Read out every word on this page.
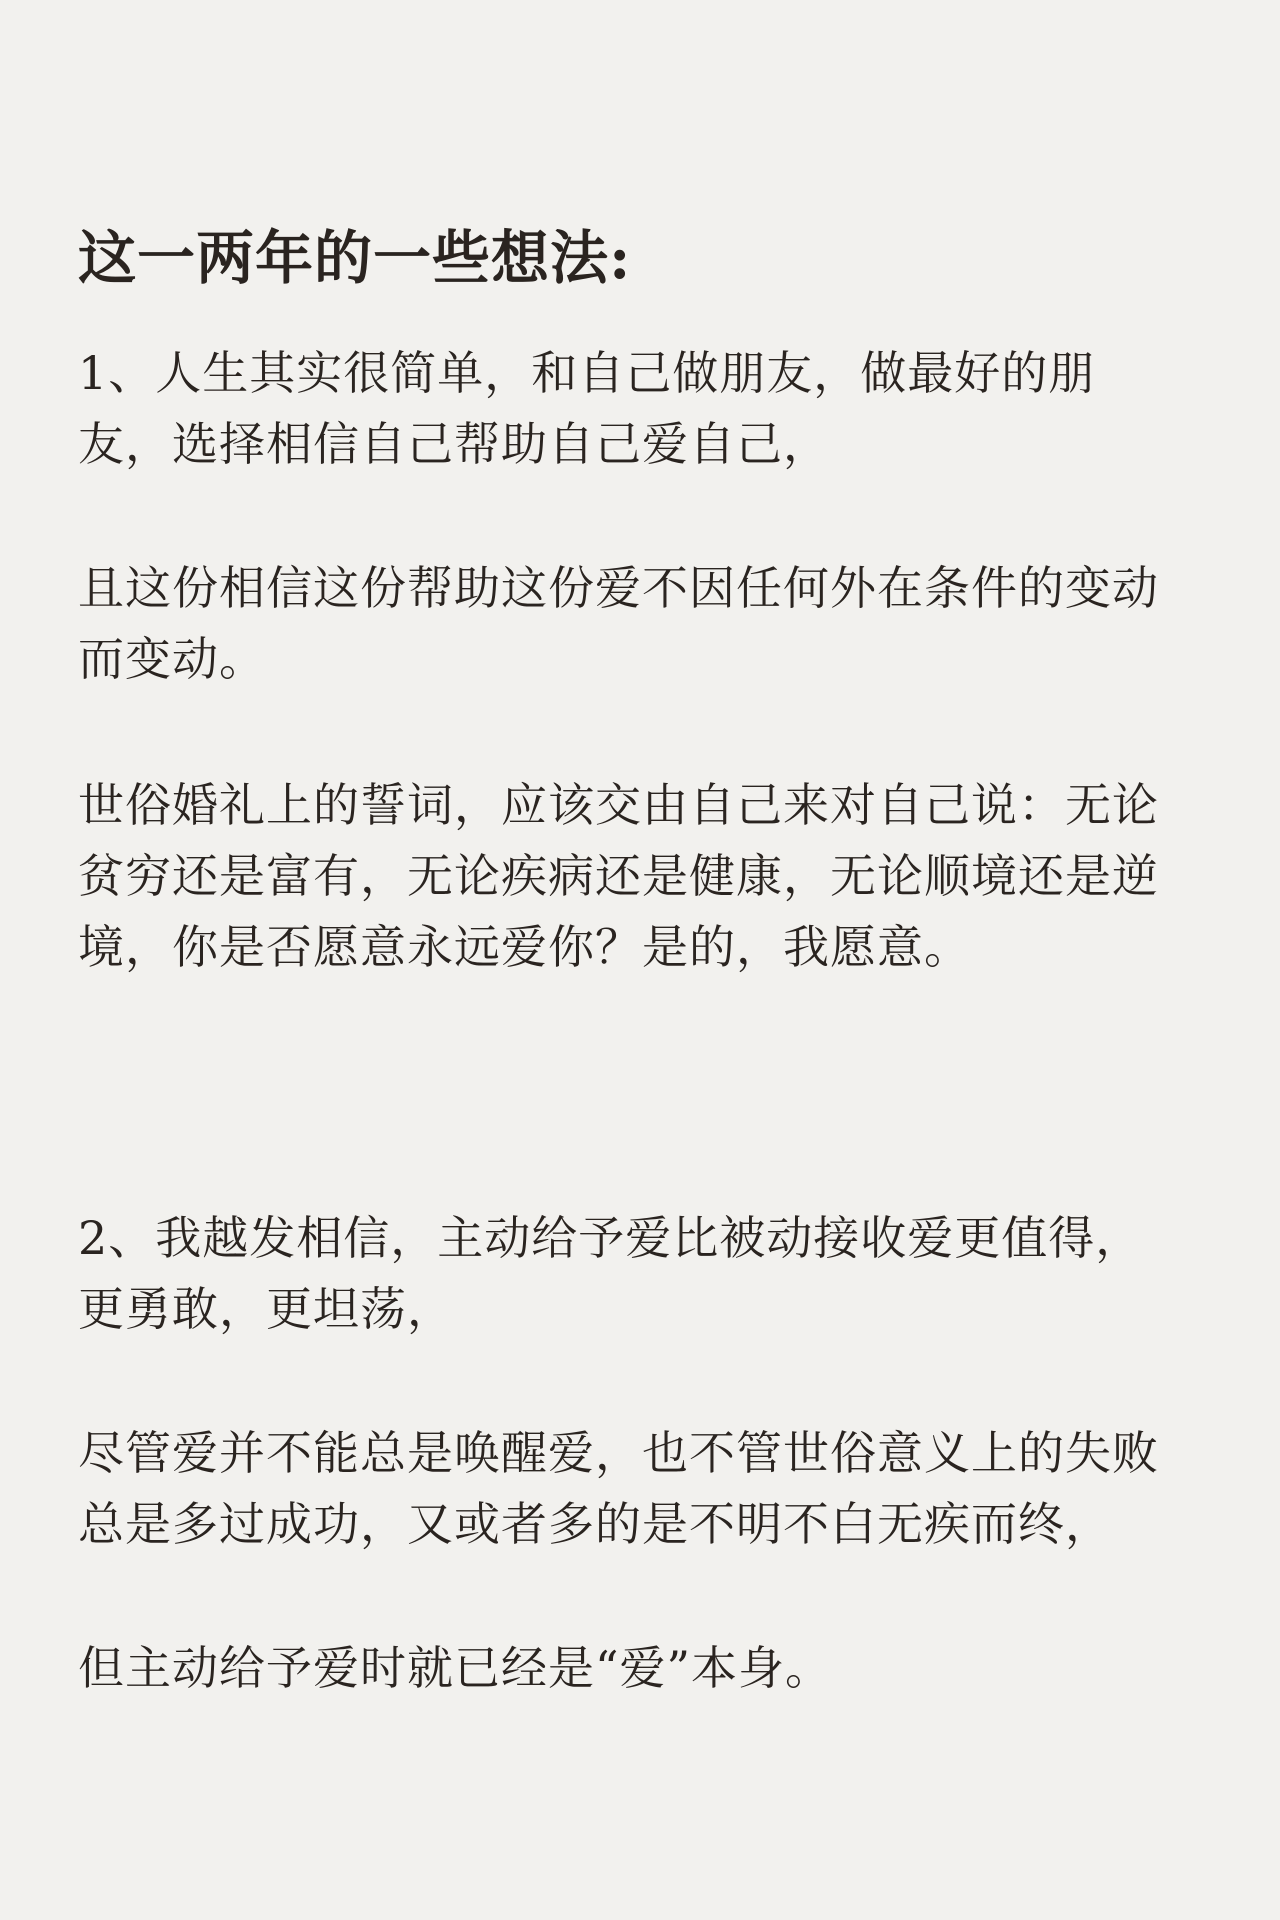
这一两年的一些想法:
1、人生其实很简单，和自己做朋友，做最好的朋
友，选择相信自己帮助自己爱自己，
且这份相信这份帮助这份爱不因任何外在条件的变动
而变动。
世俗婚礼上的誓词，应该交由自己来对自己说：无论
贫穷还是富有，无论疾病还是健康，无论顺境还是逆
境，你是否愿意永远爱你？是的，我愿意。
2、我越发相信，主动给予爱比被动接收爱更值得，
更勇敢，更坦荡，
尽管爱并不能总是唤醒爱，也不管世俗意义上的失败
总是多过成功，又或者多的是不明不白无疾而终，
但主动给予爱时就已经是“爱”本身。
